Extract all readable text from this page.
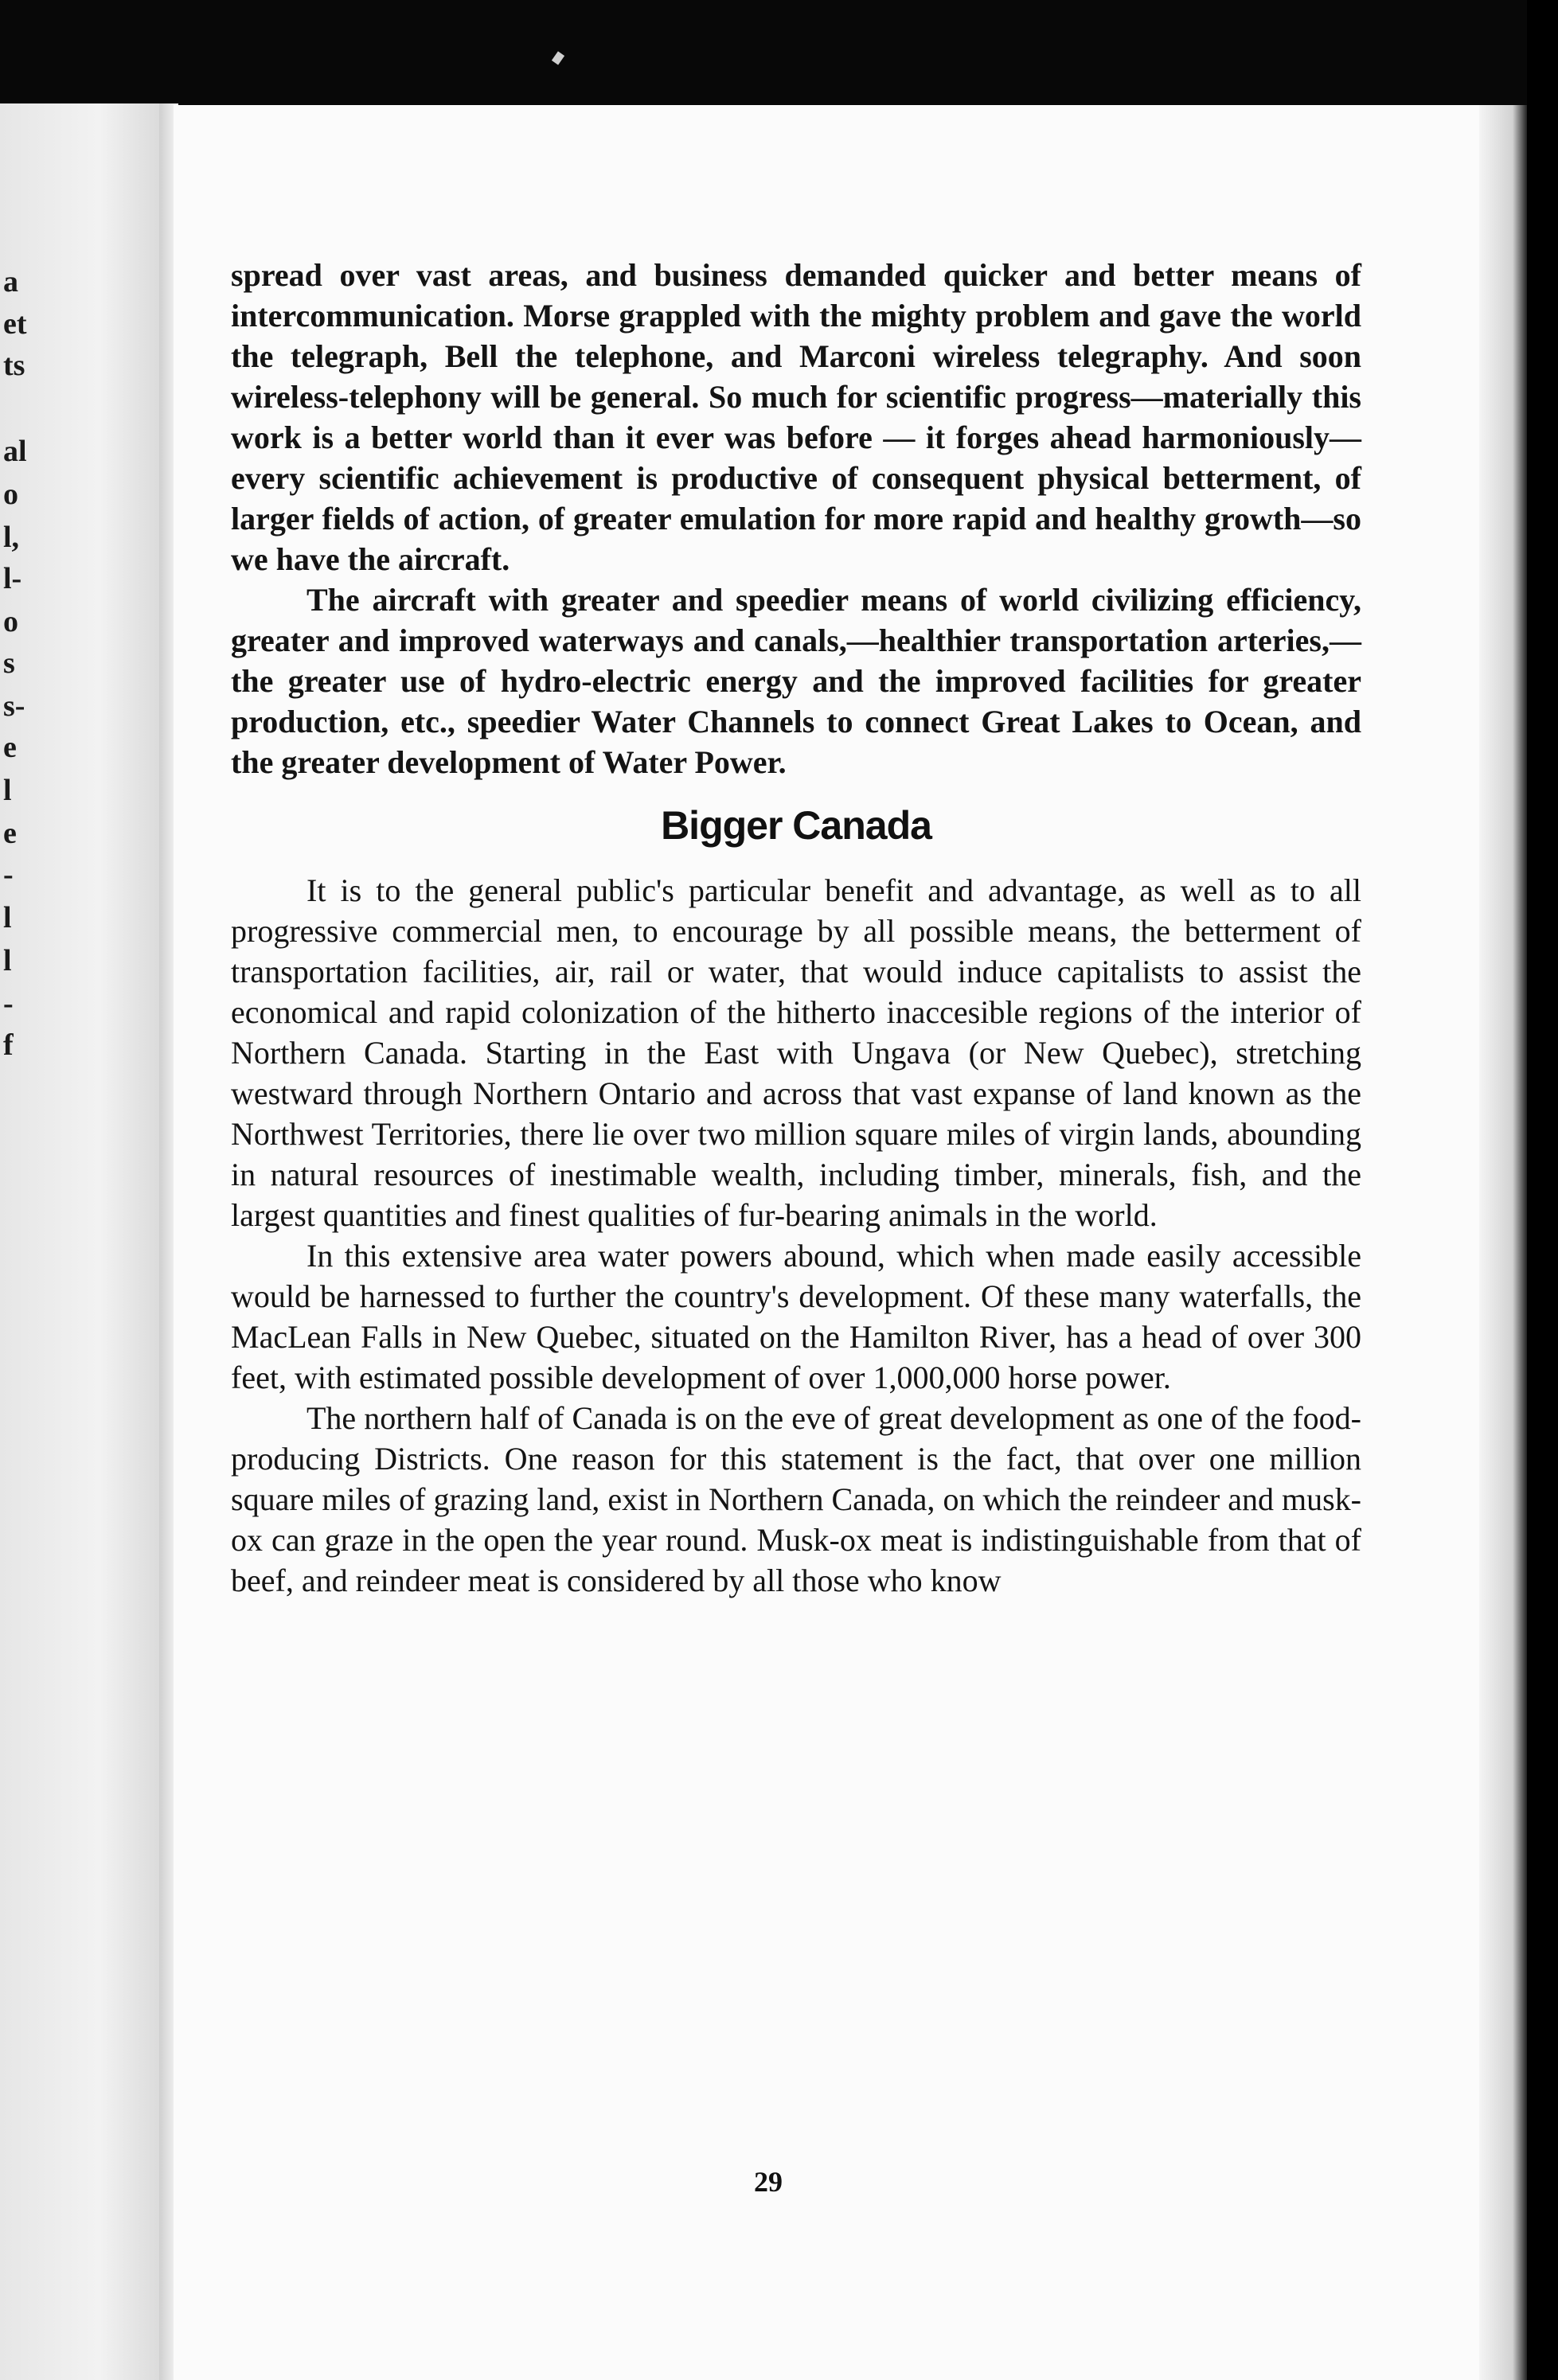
a
et
ts
al
o
l,
l-
o
s
s-
e
l
e
-
l
l
-
f

spread over vast areas, and business demanded quicker and better means of intercommunication. Morse grappled with the mighty problem and gave the world the telegraph, Bell the telephone, and Marconi wireless telegraphy. And soon wireless-telephony will be general. So much for scientific progress—materially this work is a better world than it ever was before — it forges ahead harmoniously—every scientific achievement is productive of consequent physical betterment, of larger fields of action, of greater emulation for more rapid and healthy growth—so we have the aircraft.

The aircraft with greater and speedier means of world civilizing efficiency, greater and improved waterways and canals,—healthier transportation arteries,—the greater use of hydro-electric energy and the improved facilities for greater production, etc., speedier Water Channels to connect Great Lakes to Ocean, and the greater development of Water Power.

Bigger Canada

It is to the general public's particular benefit and advantage, as well as to all progressive commercial men, to encourage by all possible means, the betterment of transportation facilities, air, rail or water, that would induce capitalists to assist the economical and rapid colonization of the hitherto inaccesible regions of the interior of Northern Canada. Starting in the East with Ungava (or New Quebec), stretching westward through Northern Ontario and across that vast expanse of land known as the Northwest Territories, there lie over two million square miles of virgin lands, abounding in natural resources of inestimable wealth, including timber, minerals, fish, and the largest quantities and finest qualities of fur-bearing animals in the world.

In this extensive area water powers abound, which when made easily accessible would be harnessed to further the country's development. Of these many waterfalls, the MacLean Falls in New Quebec, situated on the Hamilton River, has a head of over 300 feet, with estimated possible development of over 1,000,000 horse power.

The northern half of Canada is on the eve of great development as one of the food-producing Districts. One reason for this statement is the fact, that over one million square miles of grazing land, exist in Northern Canada, on which the reindeer and musk-ox can graze in the open the year round. Musk-ox meat is indistinguishable from that of beef, and reindeer meat is considered by all those who know

29
